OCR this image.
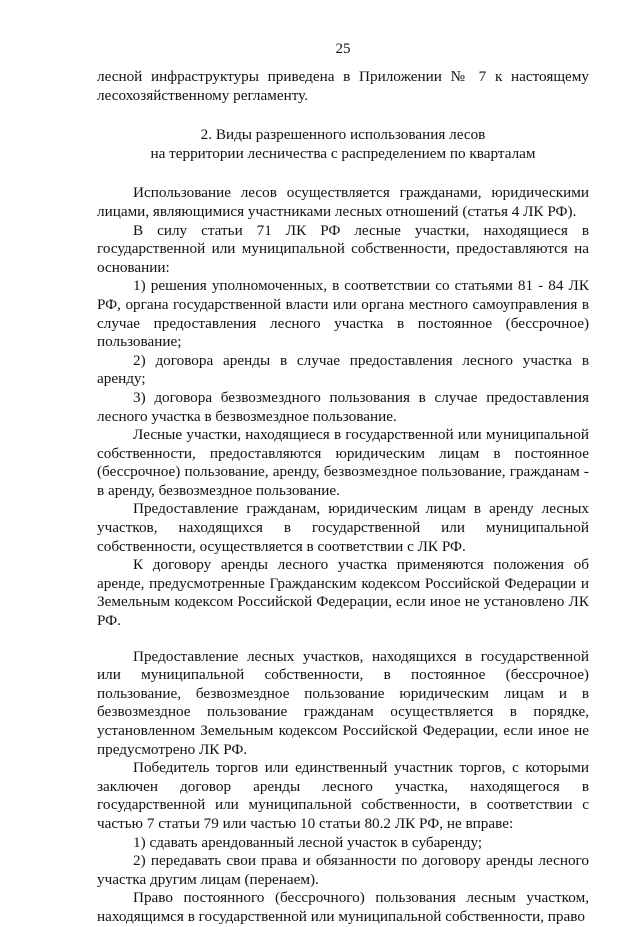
25

лесной инфраструктуры приведена в Приложении № 7 к настоящему лесохозяйственному регламенту.

2. Виды разрешенного использования лесов
на территории лесничества с распределением по кварталам

Использование лесов осуществляется гражданами, юридическими лицами, являющимися участниками лесных отношений (статья 4 ЛК РФ).

В силу статьи 71 ЛК РФ лесные участки, находящиеся в государственной или муниципальной собственности, предоставляются на основании:

1) решения уполномоченных, в соответствии со статьями 81 - 84 ЛК РФ, органа государственной власти или органа местного самоуправления в случае предоставления лесного участка в постоянное (бессрочное) пользование;

2) договора аренды в случае предоставления лесного участка в аренду;

3) договора безвозмездного пользования в случае предоставления лесного участка в безвозмездное пользование.

Лесные участки, находящиеся в государственной или муниципальной собственности, предоставляются юридическим лицам в постоянное (бессрочное) пользование, аренду, безвозмездное пользование, гражданам - в аренду, безвозмездное пользование.

Предоставление гражданам, юридическим лицам в аренду лесных участков, находящихся в государственной или муниципальной собственности, осуществляется в соответствии с ЛК РФ.

К договору аренды лесного участка применяются положения об аренде, предусмотренные Гражданским кодексом Российской Федерации и Земельным кодексом Российской Федерации, если иное не установлено ЛК РФ.

Предоставление лесных участков, находящихся в государственной или муниципальной собственности, в постоянное (бессрочное) пользование, безвозмездное пользование юридическим лицам и в безвозмездное пользование гражданам осуществляется в порядке, установленном Земельным кодексом Российской Федерации, если иное не предусмотрено ЛК РФ.

Победитель торгов или единственный участник торгов, с которыми заключен договор аренды лесного участка, находящегося в государственной или муниципальной собственности, в соответствии с частью 7 статьи 79 или частью 10 статьи 80.2 ЛК РФ, не вправе:

1) сдавать арендованный лесной участок в субаренду;

2) передавать свои права и обязанности по договору аренды лесного участка другим лицам (перенаем).

Право постоянного (бессрочного) пользования лесным участком, находящимся в государственной или муниципальной собственности, право
